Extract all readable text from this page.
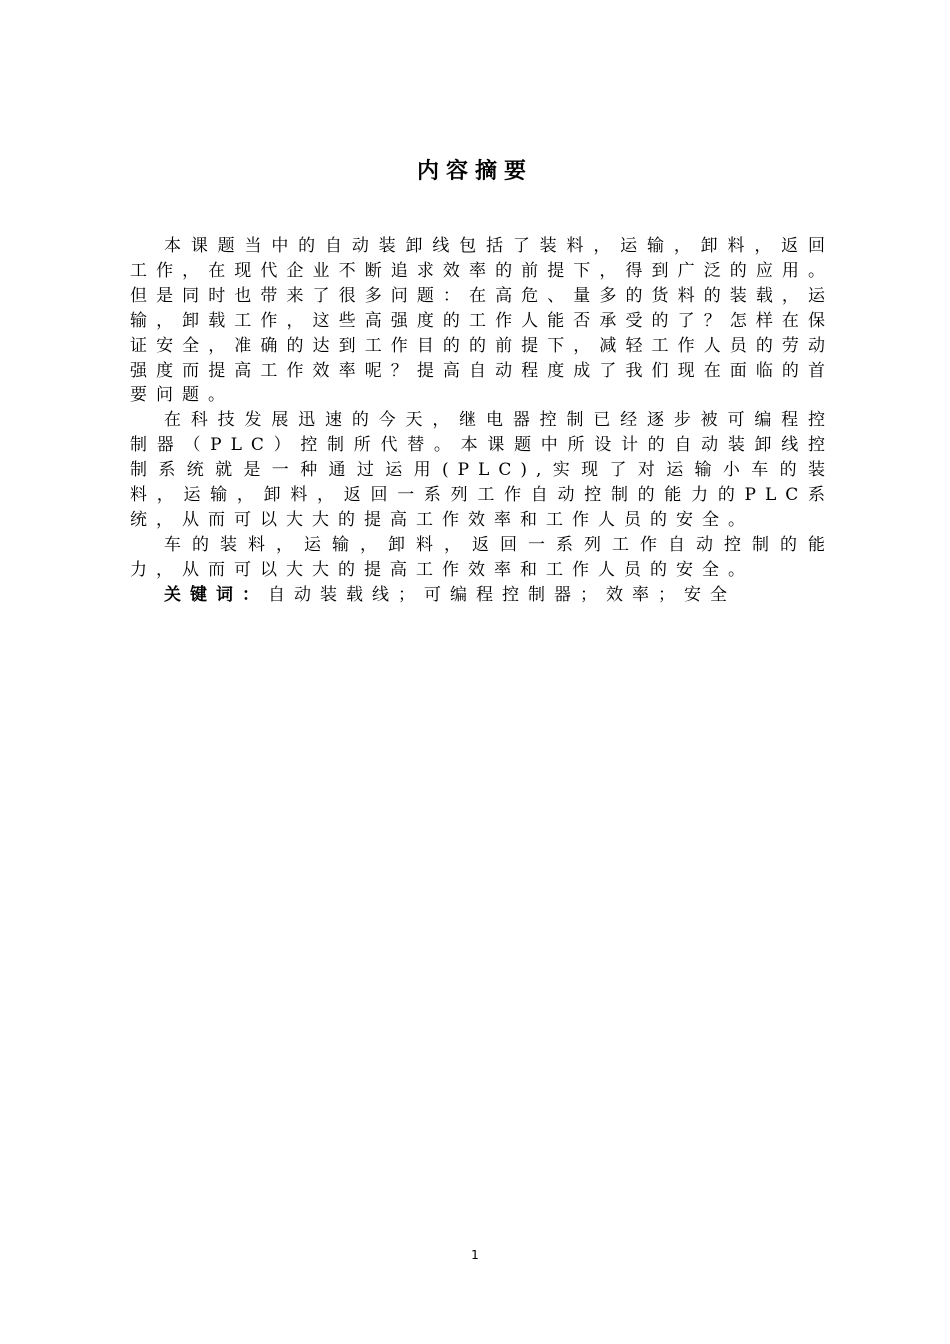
内容摘要

本课题当中的自动装卸线包括了装料，运输，卸料，返回工作，在现代企业不断追求效率的前提下，得到广泛的应用。但是同时也带来了很多问题：在高危、量多的货料的装载，运输，卸载工作，这些高强度的工作人能否承受的了？怎样在保证安全，准确的达到工作目的的前提下，减轻工作人员的劳动强度而提高工作效率呢？提高自动程度成了我们现在面临的首要问题。

在科技发展迅速的今天，继电器控制已经逐步被可编程控制器（PLC）控制所代替。本课题中所设计的自动装卸线控制系统就是一种通过运用(PLC),实现了对运输小车的装料，运输，卸料，返回一系列工作自动控制的能力的PLC系统，从而可以大大的提高工作效率和工作人员的安全。

车的装料，运输，卸料，返回一系列工作自动控制的能力，从而可以大大的提高工作效率和工作人员的安全。

关键词：自动装载线；可编程控制器；效率；安全

1
